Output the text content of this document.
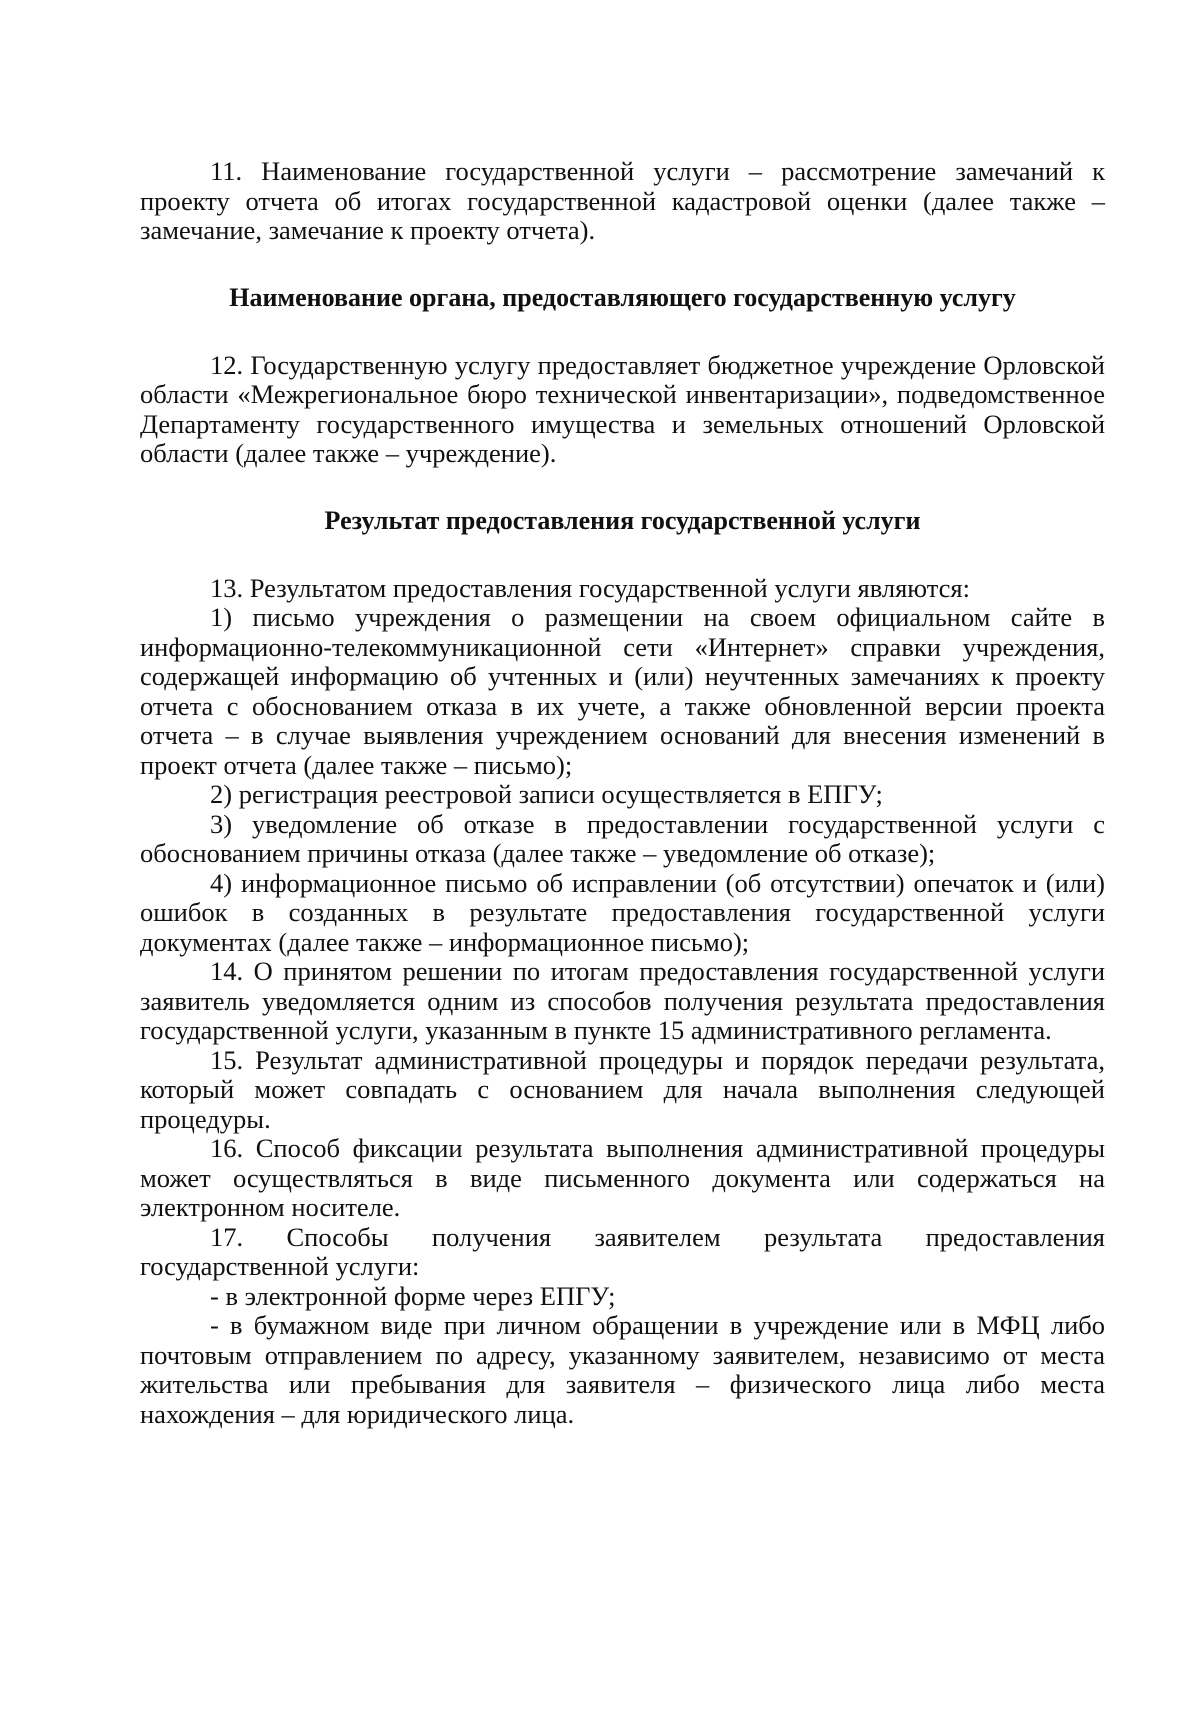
11. Наименование государственной услуги – рассмотрение замечаний к проекту отчета об итогах государственной кадастровой оценки (далее также – замечание, замечание к проекту отчета).

Наименование органа, предоставляющего государственную услугу

12. Государственную услугу предоставляет бюджетное учреждение Орловской области «Межрегиональное бюро технической инвентаризации», подведомственное Департаменту государственного имущества и земельных отношений Орловской области (далее также – учреждение).

Результат предоставления государственной услуги

13. Результатом предоставления государственной услуги являются:

1) письмо учреждения о размещении на своем официальном сайте в информационно-телекоммуникационной сети «Интернет» справки учреждения, содержащей информацию об учтенных и (или) неучтенных замечаниях к проекту отчета с обоснованием отказа в их учете, а также обновленной версии проекта отчета – в случае выявления учреждением оснований для внесения изменений в проект отчета (далее также – письмо);

2) регистрация реестровой записи осуществляется в ЕПГУ;

3) уведомление об отказе в предоставлении государственной услуги с обоснованием причины отказа (далее также – уведомление об отказе);

4) информационное письмо об исправлении (об отсутствии) опечаток и (или) ошибок в созданных в результате предоставления государственной услуги документах (далее также – информационное письмо);

14. О принятом решении по итогам предоставления государственной услуги заявитель уведомляется одним из способов получения результата предоставления государственной услуги, указанным в пункте 15 административного регламента.

15. Результат административной процедуры и порядок передачи результата, который может совпадать с основанием для начала выполнения следующей процедуры.

16. Способ фиксации результата выполнения административной процедуры может осуществляться в виде письменного документа или содержаться на электронном носителе.

17. Способы получения заявителем результата предоставления государственной услуги:

- в электронной форме через ЕПГУ;

- в бумажном виде при личном обращении в учреждение или в МФЦ либо почтовым отправлением по адресу, указанному заявителем, независимо от места жительства или пребывания для заявителя – физического лица либо места нахождения – для юридического лица.
